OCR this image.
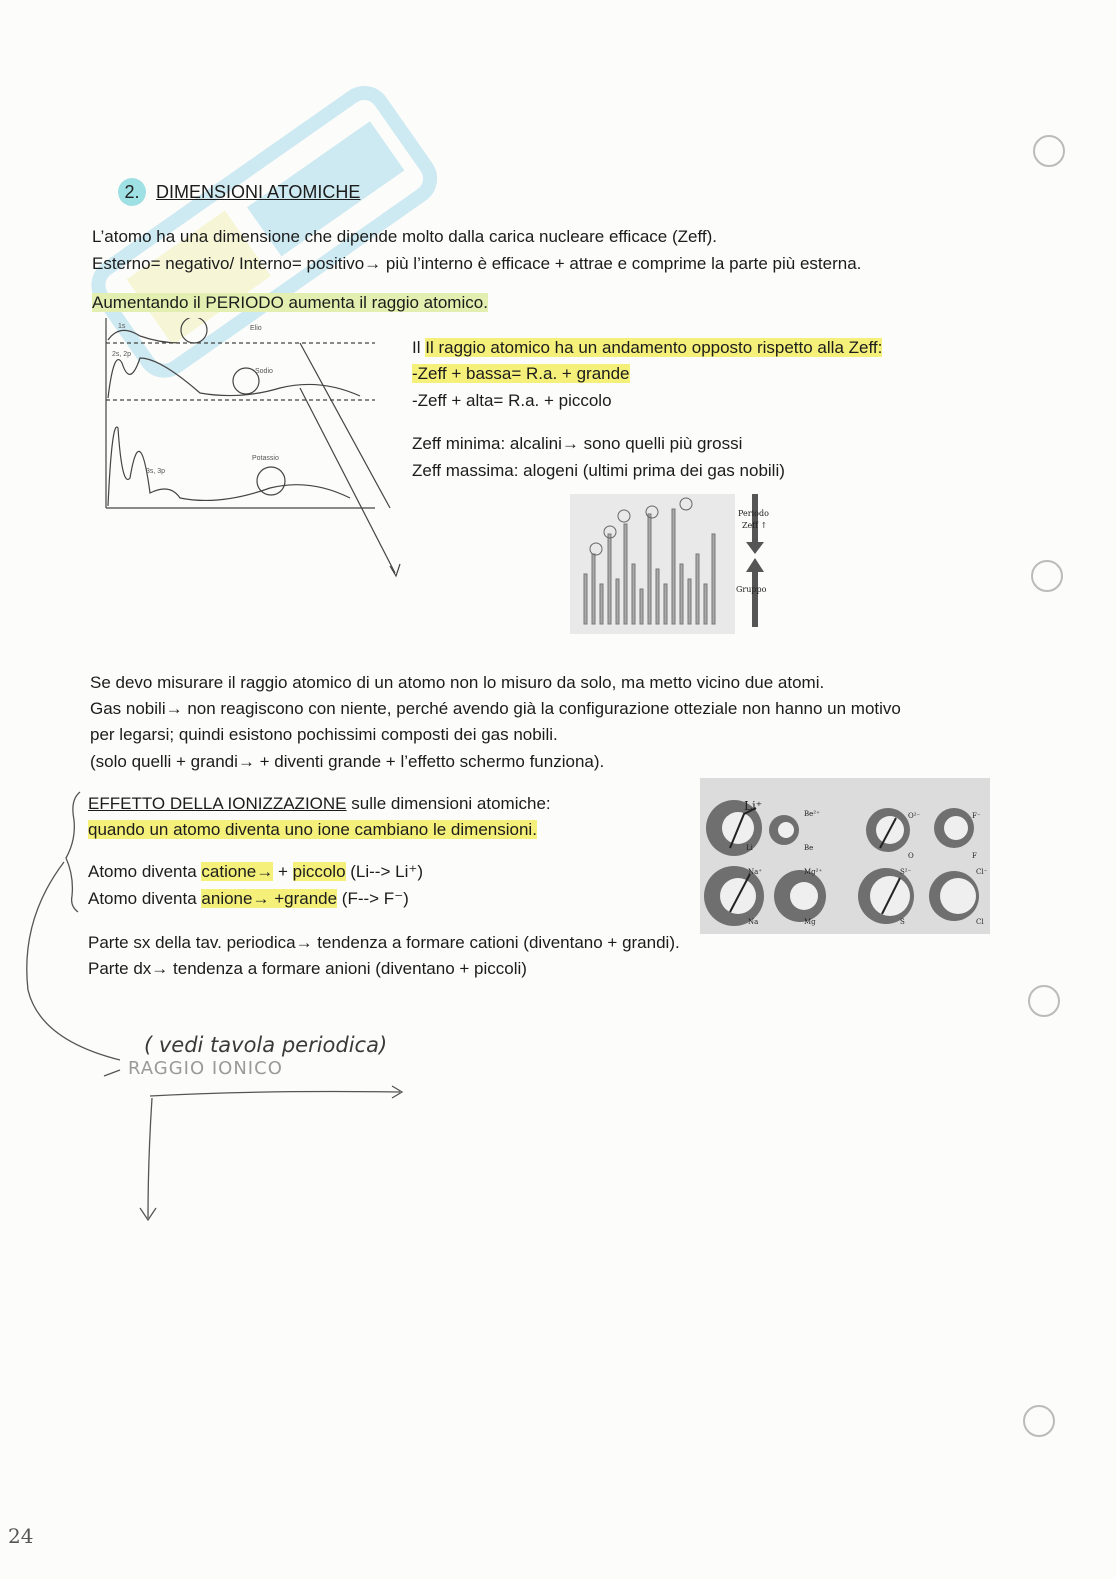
2. DIMENSIONI ATOMICHE
L’atomo ha una dimensione che dipende molto dalla carica nucleare efficace (Zeff).
Esterno= negativo/ Interno= positivo→ più l’interno è efficace + attrae e comprime la parte più esterna.
Aumentando il PERIODO aumenta il raggio atomico.
1s	Elio
2s, 2p
Sodio
3s, 3p
Potassio
Il Il raggio atomico ha un andamento opposto rispetto alla Zeff:
-Zeff + bassa= R.a. + grande
-Zeff + alta= R.a. + piccolo
Zeff minima: alcalini→ sono quelli più grossi
Zeff massima: alogeni (ultimi prima dei gas nobili)
Periodo
Zeff ↑
Gruppo
Se devo misurare il raggio atomico di un atomo non lo misuro da solo, ma metto vicino due atomi.
Gas nobili→ non reagiscono con niente, perché avendo già la configurazione otteziale non hanno un motivo
per legarsi; quindi esistono pochissimi composti dei gas nobili.
(solo quelli + grandi→ + diventi grande + l’effetto schermo funziona).
EFFETTO DELLA IONIZZAZIONE sulle dimensioni atomiche:
quando un atomo diventa uno ione cambiano le dimensioni.
Atomo diventa catione→ + piccolo (Li--> Li⁺)
Atomo diventa anione→ +grande (F--> F⁻)
Parte sx della tav. periodica→ tendenza a formare cationi (diventano + grandi).
Parte dx→ tendenza a formare anioni (diventano + piccoli)
Li⁺
Li
Be²⁺
Be
O²⁻
O
F⁻
F
Na⁺
Na
Mg²⁺
Mg
S²⁻
S
Cl⁻
Cl
( vedi tavola periodica)
RAGGIO IONICO
24
